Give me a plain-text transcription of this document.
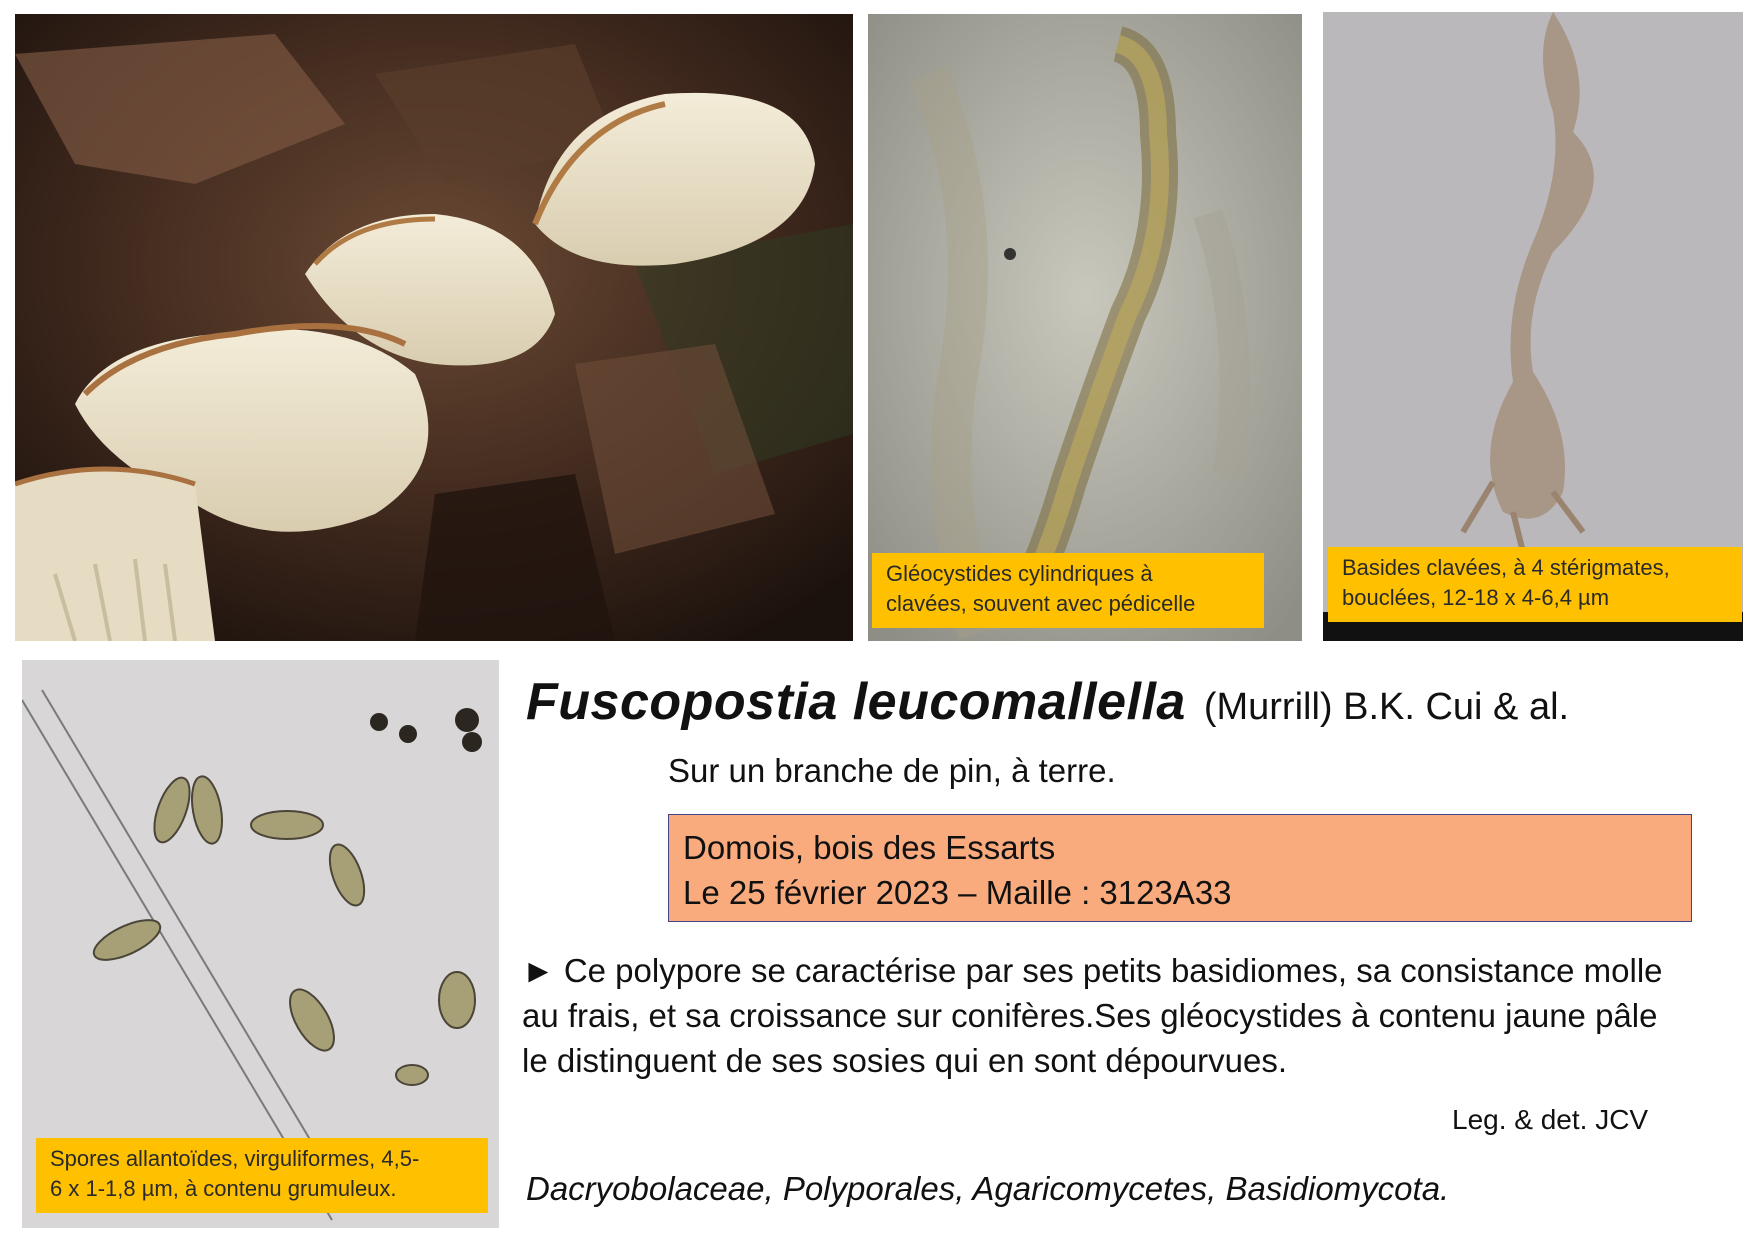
Gléocystides cylindriques à
clavées, souvent avec pédicelle
Basides clavées, à 4 stérigmates,
bouclées, 12-18 x 4-6,4 µm
Spores allantoïdes, virguliformes, 4,5-
6 x 1-1,8 µm, à contenu grumuleux.
Fuscopostia leucomallella (Murrill) B.K. Cui & al.
Sur un branche de pin, à terre.
Domois, bois des Essarts
Le 25 février 2023 – Maille : 3123A33
► Ce polypore se caractérise par ses petits basidiomes, sa consistance molle au frais, et sa croissance sur conifères.Ses gléocystides à contenu jaune pâle le distinguent de ses sosies qui en sont dépourvues.
Leg. & det. JCV
Dacryobolaceae, Polyporales, Agaricomycetes, Basidiomycota.
